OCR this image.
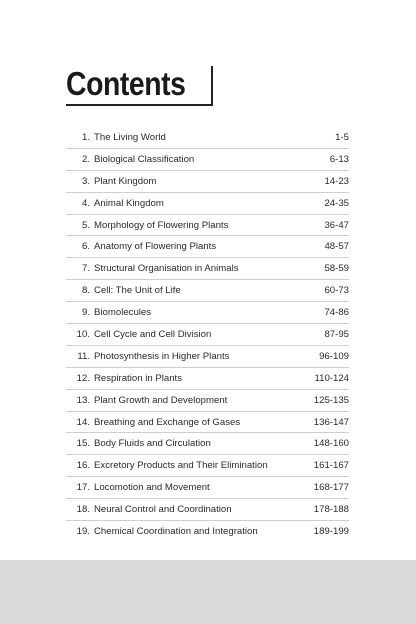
Contents
1. The Living World	1-5
2. Biological Classification	6-13
3. Plant Kingdom	14-23
4. Animal Kingdom	24-35
5. Morphology of Flowering Plants	36-47
6. Anatomy of Flowering Plants	48-57
7. Structural Organisation in Animals	58-59
8. Cell: The Unit of Life	60-73
9. Biomolecules	74-86
10. Cell Cycle and Cell Division	87-95
11. Photosynthesis in Higher Plants	96-109
12. Respiration in Plants	110-124
13. Plant Growth and Development	125-135
14. Breathing and Exchange of Gases	136-147
15. Body Fluids and Circulation	148-160
16. Excretory Products and Their Elimination	161-167
17. Locomotion and Movement	168-177
18. Neural Control and Coordination	178-188
19. Chemical Coordination and Integration	189-199
